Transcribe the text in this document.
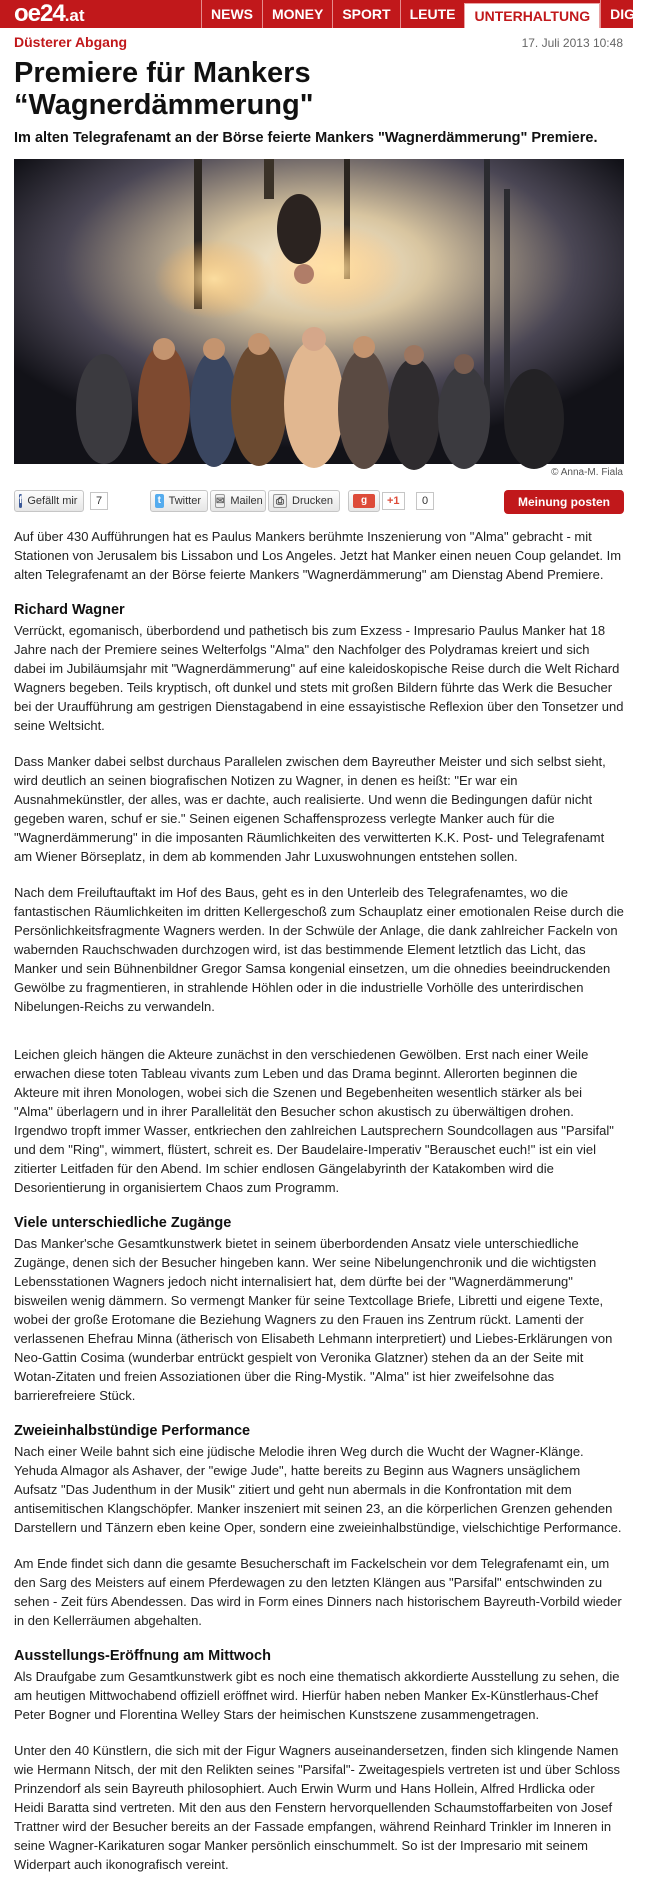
oe24.at	NEWS	MONEY	SPORT	LEUTE	UNTERHALTUNG	DIGI
Düsterer Abgang	17. Juli 2013 10:48
Premiere für Mankers “Wagnerdämmerung"
Im alten Telegrafenamt an der Börse feierte Mankers "Wagnerdämmerung" Premiere.
© Anna-M. Fiala
f Gefällt mir	7	t Twitter ✉ Mailen	⎙ Drucken	g	+1	0	Meinung posten

Auf über 430 Aufführungen hat es Paulus Mankers berühmte Inszenierung von "Alma" gebracht - mit Stationen von Jerusalem bis Lissabon und Los Angeles. Jetzt hat Manker einen neuen Coup gelandet. Im alten Telegrafenamt an der Börse feierte Mankers "Wagnerdämmerung" am Dienstag Abend Premiere.

Richard Wagner

Verrückt, egomanisch, überbordend und pathetisch bis zum Exzess - Impresario Paulus Manker hat 18 Jahre nach der Premiere seines Welterfolgs "Alma" den Nachfolger des Polydramas kreiert und sich dabei im Jubiläumsjahr mit "Wagnerdämmerung" auf eine kaleidoskopische Reise durch die Welt Richard Wagners begeben. Teils kryptisch, oft dunkel und stets mit großen Bildern führte das Werk die Besucher bei der Uraufführung am gestrigen Dienstagabend in eine essayistische Reflexion über den Tonsetzer und seine Weltsicht.

Dass Manker dabei selbst durchaus Parallelen zwischen dem Bayreuther Meister und sich selbst sieht, wird deutlich an seinen biografischen Notizen zu Wagner, in denen es heißt: "Er war ein Ausnahmekünstler, der alles, was er dachte, auch realisierte. Und wenn die Bedingungen dafür nicht gegeben waren, schuf er sie." Seinen eigenen Schaffensprozess verlegte Manker auch für die "Wagnerdämmerung" in die imposanten Räumlichkeiten des verwitterten K.K. Post- und Telegrafenamt am Wiener Börseplatz, in dem ab kommenden Jahr Luxuswohnungen entstehen sollen.

Nach dem Freiluftauftakt im Hof des Baus, geht es in den Unterleib des Telegrafenamtes, wo die fantastischen Räumlichkeiten im dritten Kellergeschoß zum Schauplatz einer emotionalen Reise durch die Persönlichkeitsfragmente Wagners werden. In der Schwüle der Anlage, die dank zahlreicher Fackeln von wabernden Rauchschwaden durchzogen wird, ist das bestimmende Element letztlich das Licht, das Manker und sein Bühnenbildner Gregor Samsa kongenial einsetzen, um die ohnedies beeindruckenden Gewölbe zu fragmentieren, in strahlende Höhlen oder in die industrielle Vorhölle des unterirdischen Nibelungen-Reichs zu verwandeln.

Leichen gleich hängen die Akteure zunächst in den verschiedenen Gewölben. Erst nach einer Weile erwachen diese toten Tableau vivants zum Leben und das Drama beginnt. Allerorten beginnen die Akteure mit ihren Monologen, wobei sich die Szenen und Begebenheiten wesentlich stärker als bei "Alma" überlagern und in ihrer Parallelität den Besucher schon akustisch zu überwältigen drohen. Irgendwo tropft immer Wasser, entkriechen den zahlreichen Lautsprechern Soundcollagen aus "Parsifal" und dem "Ring", wimmert, flüstert, schreit es. Der Baudelaire-Imperativ "Berauschet euch!" ist ein viel zitierter Leitfaden für den Abend. Im schier endlosen Gängelabyrinth der Katakomben wird die Desorientierung in organisiertem Chaos zum Programm.

Viele unterschiedliche Zugänge

Das Manker'sche Gesamtkunstwerk bietet in seinem überbordenden Ansatz viele unterschiedliche Zugänge, denen sich der Besucher hingeben kann. Wer seine Nibelungenchronik und die wichtigsten Lebensstationen Wagners jedoch nicht internalisiert hat, dem dürfte bei der "Wagnerdämmerung" bisweilen wenig dämmern. So vermengt Manker für seine Textcollage Briefe, Libretti und eigene Texte, wobei der große Erotomane die Beziehung Wagners zu den Frauen ins Zentrum rückt. Lamenti der verlassenen Ehefrau Minna (ätherisch von Elisabeth Lehmann interpretiert) und Liebes-Erklärungen von Neo-Gattin Cosima (wunderbar entrückt gespielt von Veronika Glatzner) stehen da an der Seite mit Wotan-Zitaten und freien Assoziationen über die Ring-Mystik. "Alma" ist hier zweifelsohne das barrierefreiere Stück.

Zweieinhalbstündige Performance

Nach einer Weile bahnt sich eine jüdische Melodie ihren Weg durch die Wucht der Wagner-Klänge. Yehuda Almagor als Ashaver, der "ewige Jude", hatte bereits zu Beginn aus Wagners unsäglichem Aufsatz "Das Judenthum in der Musik" zitiert und geht nun abermals in die Konfrontation mit dem antisemitischen Klangschöpfer. Manker inszeniert mit seinen 23, an die körperlichen Grenzen gehenden Darstellern und Tänzern eben keine Oper, sondern eine zweieinhalbstündige, vielschichtige Performance.

Am Ende findet sich dann die gesamte Besucherschaft im Fackelschein vor dem Telegrafenamt ein, um den Sarg des Meisters auf einem Pferdewagen zu den letzten Klängen aus "Parsifal" entschwinden zu sehen - Zeit fürs Abendessen. Das wird in Form eines Dinners nach historischem Bayreuth-Vorbild wieder in den Kellerräumen abgehalten.

Ausstellungs-Eröffnung am Mittwoch

Als Draufgabe zum Gesamtkunstwerk gibt es noch eine thematisch akkordierte Ausstellung zu sehen, die am heutigen Mittwochabend offiziell eröffnet wird. Hierfür haben neben Manker Ex-Künstlerhaus-Chef Peter Bogner und Florentina Welley Stars der heimischen Kunstszene zusammengetragen.

Unter den 40 Künstlern, die sich mit der Figur Wagners auseinandersetzen, finden sich klingende Namen wie Hermann Nitsch, der mit den Relikten seines "Parsifal"- Zweitagespiels vertreten ist und über Schloss Prinzendorf als sein Bayreuth philosophiert. Auch Erwin Wurm und Hans Hollein, Alfred Hrdlicka oder Heidi Baratta sind vertreten. Mit den aus den Fenstern hervorquellenden Schaumstoffarbeiten von Josef Trattner wird der Besucher bereits an der Fassade empfangen, während Reinhard Trinkler im Inneren in seine Wagner-Karikaturen sogar Manker persönlich einschummelt. So ist der Impresario mit seinem Widerpart auch ikonografisch vereint.
